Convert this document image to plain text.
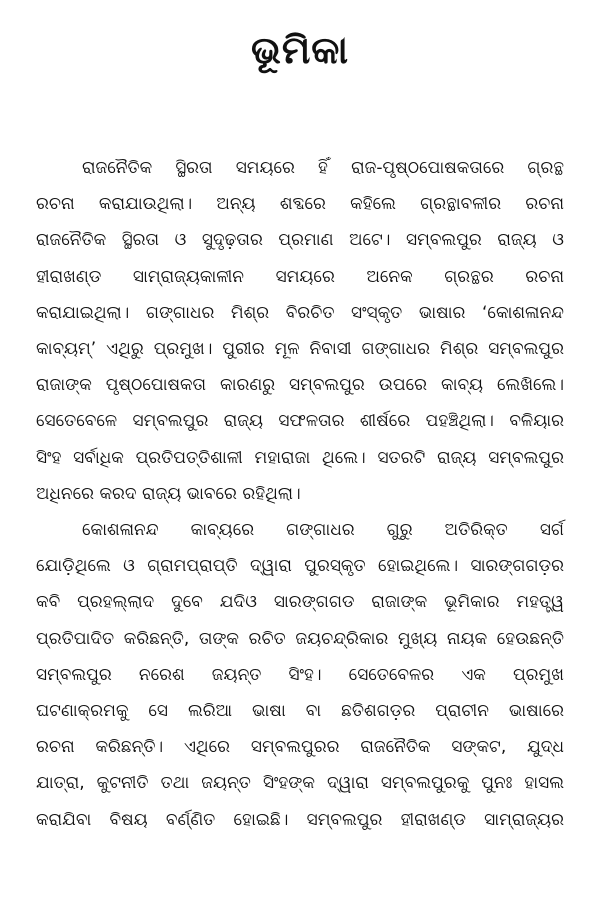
ଭୂମିକା
ରାଜନୈତିକ ସ୍ଥିରତା ସମୟରେ ହିଁ ରାଜ-ପୃଷ୍ଠପୋଷକତାରେ ଗ୍ରନ୍ଥ
ରଚନା କରାଯାଉଥିଲା। ଅନ୍ୟ ଶବ୍ଦରେ କହିଲେ ଗ୍ରନ୍ଥାବଳୀର ରଚନା
ରାଜନୈତିକ ସ୍ଥିରତା ଓ ସୁଦୃଢ଼ତାର ପ୍ରମାଣ ଅଟେ। ସମ୍ବଲପୁର ରାଜ୍ୟ ଓ
ହୀରାଖଣ୍ଡ ସାମ୍ରାଜ୍ୟକାଳୀନ ସମୟରେ ଅନେକ ଗ୍ରନ୍ଥର ରଚନା
କରାଯାଇଥିଲା। ଗଙ୍ଗାଧର ମିଶ୍ର ବିରଚିତ ସଂସ୍କୃତ ଭାଷାର ‘କୋଶଳାନନ୍ଦ
କାବ୍ୟମ୍’ ଏଥିରୁ ପ୍ରମୁଖ। ପୁରୀର ମୂଳ ନିବାସୀ ଗଙ୍ଗାଧର ମିଶ୍ର ସମ୍ବଲପୁର
ରାଜାଙ୍କ ପୃଷ୍ଠପୋଷକତା କାରଣରୁ ସମ୍ବଲପୁର ଉପରେ କାବ୍ୟ ଲେଖିଲେ।
ସେତେବେଳେ ସମ୍ବଲପୁର ରାଜ୍ୟ ସଫଳତାର ଶୀର୍ଷରେ ପହଞ୍ଚିଥିଲା। ବଳିୟାର
ସିଂହ ସର୍ବାଧିକ ପ୍ରତିପତ୍ତିଶାଳୀ ମହାରାଜା ଥିଲେ। ସତରଟି ରାଜ୍ୟ ସମ୍ବଲପୁର
ଅଧିନରେ କରଦ ରାଜ୍ୟ ଭାବରେ ରହିଥିଲା।
କୋଶଳାନନ୍ଦ କାବ୍ୟରେ ଗଙ୍ଗାଧର ଗୁରୁ ଅତିରିକ୍ତ ସର୍ଗ
ଯୋଡ଼ିଥିଲେ ଓ ଗ୍ରାମପ୍ରାପ୍ତି ଦ୍ୱାରା ପୁରସ୍କୃତ ହୋଇଥିଲେ। ସାରଙ୍ଗଗଡ଼ର
କବି ପ୍ରହଲ୍ଲାଦ ଦୁବେ ଯଦିଓ ସାରଙ୍ଗଗଡ ରାଜାଙ୍କ ଭୂମିକାର ମହତ୍ତ୍ୱ
ପ୍ରତିପାଦିତ କରିଛନ୍ତି, ତାଙ୍କ ରଚିତ ଜୟଚନ୍ଦ୍ରିକାର ମୁଖ୍ୟ ନାୟକ ହେଉଛନ୍ତି
ସମ୍ବଲପୁର ନରେଶ ଜୟନ୍ତ ସିଂହ। ସେତେବେଳର ଏକ ପ୍ରମୁଖ
ଘଟଣାକ୍ରମକୁ ସେ ଲରିଆ ଭାଷା ବା ଛତିଶଗଡ଼ର ପ୍ରାଚୀନ ଭାଷାରେ
ରଚନା କରିଛନ୍ତି। ଏଥିରେ ସମ୍ବଲପୁରର ରାଜନୈତିକ ସଙ୍କଟ, ଯୁଦ୍ଧ
ଯାତ୍ରା, କୁଟନୀତି ତଥା ଜୟନ୍ତ ସିଂହଙ୍କ ଦ୍ୱାରା ସମ୍ବଲପୁରକୁ ପୁନଃ ହାସଲ
କରାଯିବା ବିଷୟ ବର୍ଣ୍ଣିତ ହୋଇଛି। ସମ୍ବଲପୁର ହୀରାଖଣ୍ଡ ସାମ୍ରାଜ୍ୟର
